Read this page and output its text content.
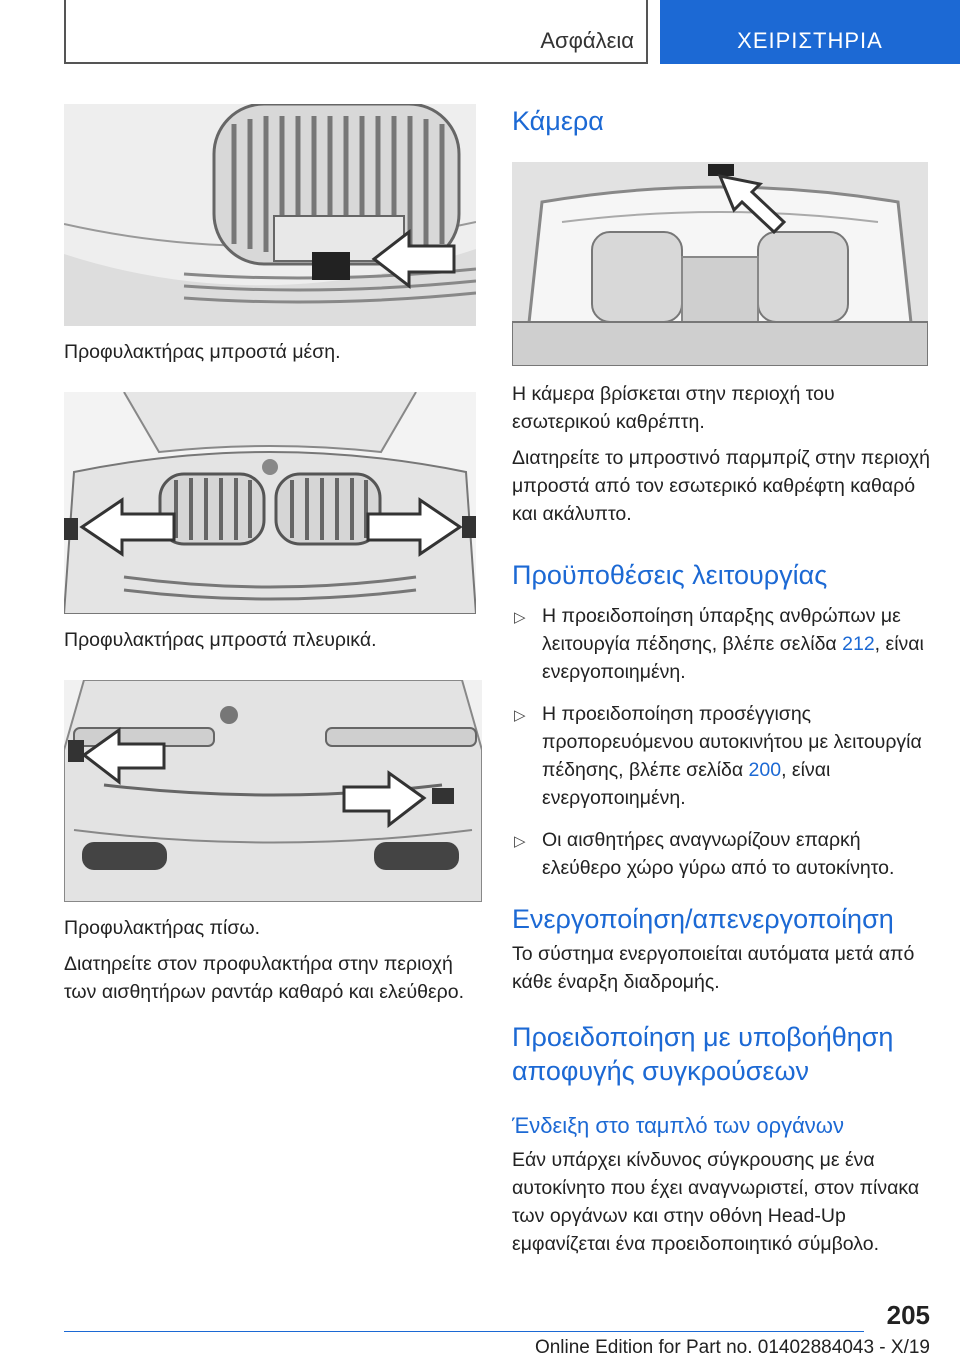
Ασφάλεια	ΧΕΙΡΙΣΤΗΡΙΑ

Προφυλακτήρας μπροστά μέση.

Προφυλακτήρας μπροστά πλευρικά.

Προφυλακτήρας πίσω.

Διατηρείτε στον προφυλακτήρα στην περιοχή των αισθητήρων ραντάρ καθαρό και ελεύθερο.

Κάμερα

Η κάμερα βρίσκεται στην περιοχή του εσωτερικού καθρέπτη.

Διατηρείτε το μπροστινό παρμπρίζ στην περιοχή μπροστά από τον εσωτερικό καθρέφτη καθαρό και ακάλυπτο.

Προϋποθέσεις λειτουργίας
▷ Η προειδοποίηση ύπαρξης ανθρώπων με λειτουργία πέδησης, βλέπε σελίδα 212, είναι ενεργοποιημένη.
▷ Η προειδοποίηση προσέγγισης προπορευόμενου αυτοκινήτου με λειτουργία πέδησης, βλέπε σελίδα 200, είναι ενεργοποιημένη.
▷ Οι αισθητήρες αναγνωρίζουν επαρκή ελεύθερο χώρο γύρω από το αυτοκίνητο.
Ενεργοποίηση/απενεργοποίηση

Το σύστημα ενεργοποιείται αυτόματα μετά από κάθε έναρξη διαδρομής.

Προειδοποίηση με υποβοήθηση αποφυγής συγκρούσεων
Ένδειξη στο ταμπλό των οργάνων

Εάν υπάρχει κίνδυνος σύγκρουσης με ένα αυτοκίνητο που έχει αναγνωριστεί, στον πίνακα των οργάνων και στην οθόνη Head-Up εμφανίζεται ένα προειδοποιητικό σύμβολο.

205
Online Edition for Part no. 01402884043 - X/19
